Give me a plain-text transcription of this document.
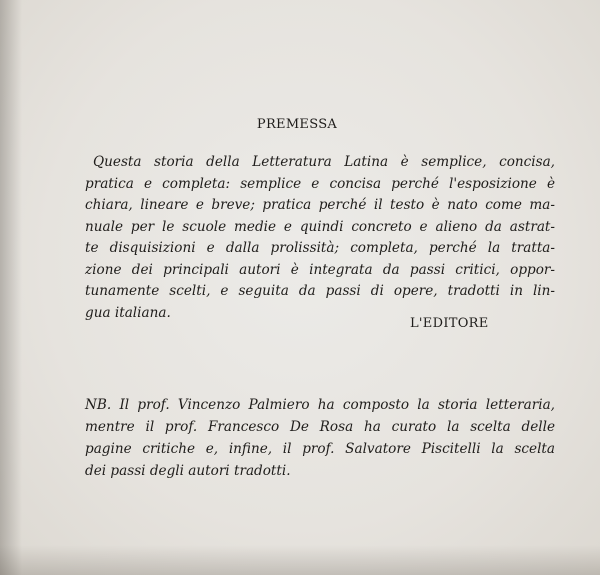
PREMESSA
Questa storia della Letteratura Latina è semplice, concisa,
pratica e completa: semplice e concisa perché l'esposizione è
chiara, lineare e breve; pratica perché il testo è nato come ma-
nuale per le scuole medie e quindi concreto e alieno da astrat-
te disquisizioni e dalla prolissità; completa, perché la tratta-
zione dei principali autori è integrata da passi critici, oppor-
tunamente scelti, e seguita da passi di opere, tradotti in lin-
gua italiana.
L'EDITORE
NB. Il prof. Vincenzo Palmiero ha composto la storia letteraria,
mentre il prof. Francesco De Rosa ha curato la scelta delle
pagine critiche e, infine, il prof. Salvatore Piscitelli la scelta
dei passi degli autori tradotti.
